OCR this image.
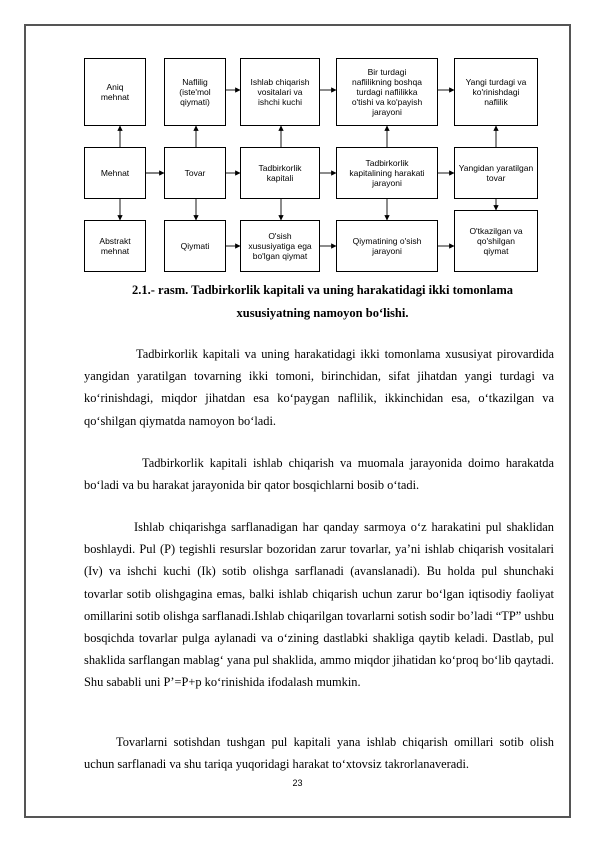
Aniq
mehnat
Naflilig
(iste'mol
qiymati)
Ishlab chiqarish
vositalari va
ishchi kuchi
Bir turdagi
naflilikning boshqa
turdagi naflilikka
o'tishi va ko'payish
jarayoni
Yangi turdagi va
ko'rinishdagi
naflilik
Mehnat	Tovar	Tadbirkorlik
kapitali
Tadbirkorlik
kapitalining harakati
jarayoni
Yangidan yaratilgan tovar
Abstrakt
mehnat	Qiymati
O'sish
xususiyatiga ega
bo'lgan qiymat
Qiymatining o'sish
jarayoni
O'tkazilgan va
qo'shilgan
qiymat
2.1.- rasm. Tadbirkorlik kapitali va uning harakatidagi ikki tomonlama
xususiyatning namoyon bo‘lishi.
Tadbirkorlik kapitali va uning harakatidagi ikki tomonlama xususiyat pirovardida yangidan yaratilgan tovarning ikki tomoni, birinchidan, sifat jihatdan yangi turdagi va ko‘rinishdagi, miqdor jihatdan esa ko‘paygan naflilik, ikkinchidan esa, o‘tkazilgan va qo‘shilgan qiymatda namoyon bo‘ladi.
Tadbirkorlik kapitali ishlab chiqarish va muomala jarayonida doimo harakatda bo‘ladi va bu harakat jarayonida bir qator bosqichlarni bosib o‘tadi.
Ishlab chiqarishga sarflanadigan har qanday sarmoya o‘z harakatini pul shaklidan boshlaydi. Pul (P) tegishli resurslar bozoridan zarur tovarlar, ya’ni ishlab chiqarish vositalari (Iv) va ishchi kuchi (Ik) sotib olishga sarflanadi (avanslanadi). Bu holda pul shunchaki tovarlar sotib olishgagina emas, balki ishlab chiqarish uchun zarur bo‘lgan iqtisodiy faoliyat omillarini sotib olishga sarflanadi.Ishlab chiqarilgan tovarlarni sotish sodir bo’ladi “TP” ushbu bosqichda tovarlar pulga aylanadi va o‘zining dastlabki shakliga qaytib keladi. Dastlab, pul shaklida sarflangan mablag‘ yana pul shaklida, ammo miqdor jihatidan ko‘proq bo‘lib qaytadi. Shu sababli uni P’=P+p ko‘rinishida ifodalash mumkin.
Tovarlarni sotishdan tushgan pul kapitali yana ishlab chiqarish omillari sotib olish uchun sarflanadi va shu tariqa yuqoridagi harakat to‘xtovsiz takrorlanaveradi.
23
